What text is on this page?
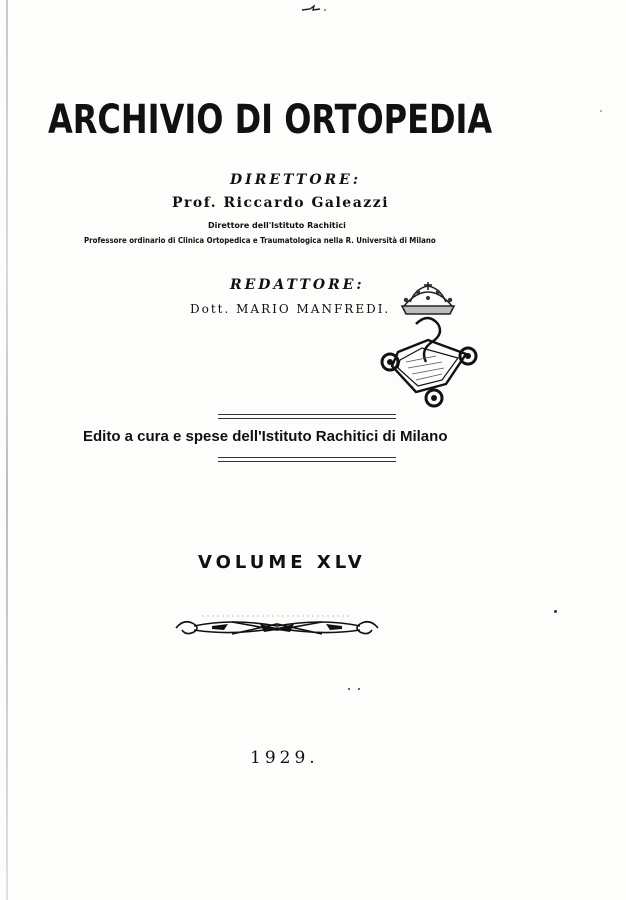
ARCHIVIO DI ORTOPEDIA
DIRETTORE:
Prof. Riccardo Galeazzi
Direttore dell'Istituto Rachitici
Professore ordinario di Clinica Ortopedica e Traumatologica nella R. Università di Milano
REDATTORE:
Dott. MARIO MANFREDI.
Edito a cura e spese dell'Istituto Rachitici di Milano
VOLUME XLV
1929.
